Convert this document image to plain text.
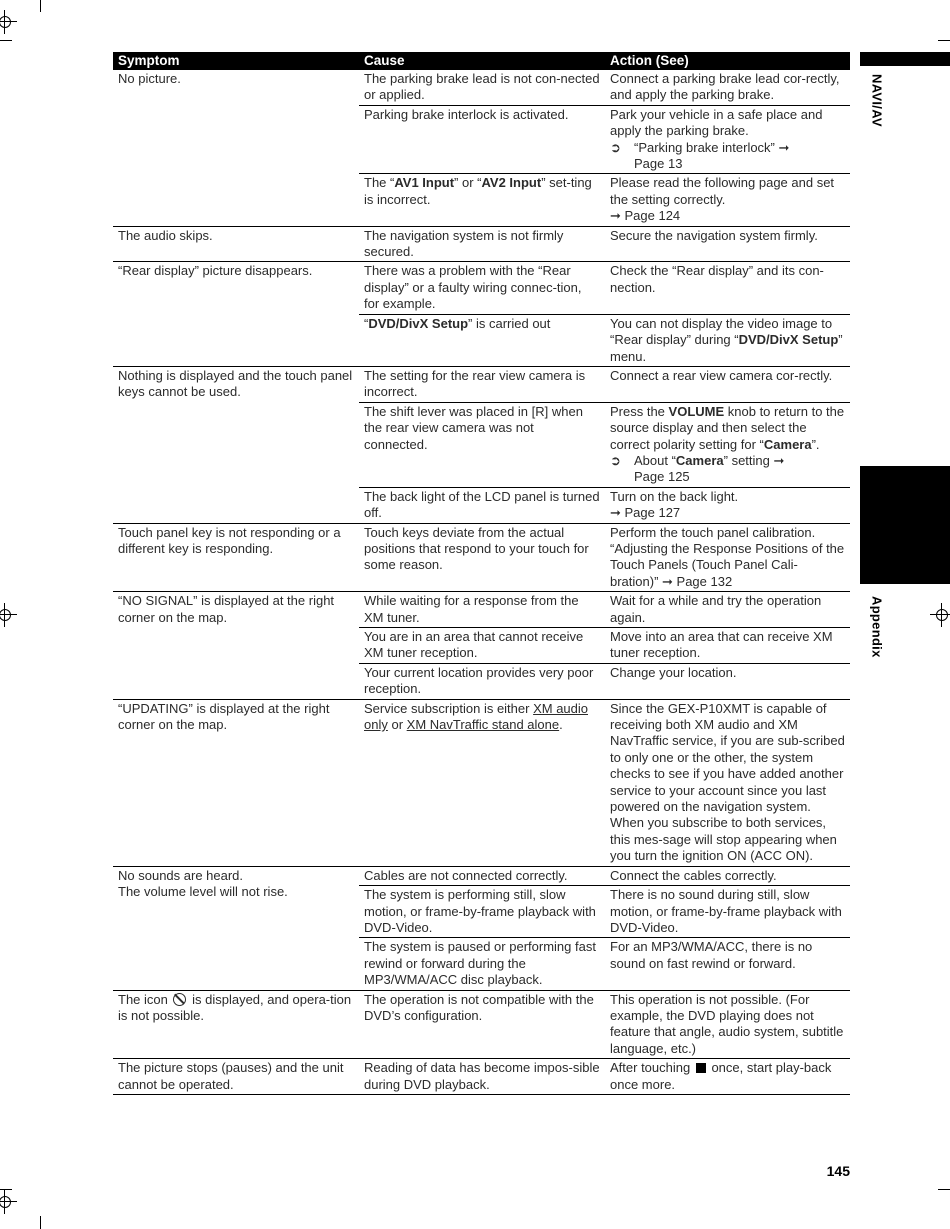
NAVI/AV
Appendix
Symptom	Cause	Action (See)
No picture.	The parking brake lead is not con-nected or applied.	Connect a parking brake lead cor-rectly, and apply the parking brake.
	Parking brake interlock is activated.	Park your vehicle in a safe place and apply the parking brake.
➲ “Parking brake interlock” ➞
Page 13

	The “AV1 Input” or “AV2 Input” set-ting is incorrect.	Please read the following page and set the setting correctly.
➞ Page 124

The audio skips.	The navigation system is not firmly secured.	Secure the navigation system firmly.
“Rear display” picture disappears.	There was a problem with the “Rear display” or a faulty wiring connec-tion, for example.	Check the “Rear display” and its con-nection.
	“DVD/DivX Setup” is carried out	You can not display the video image to “Rear display” during “DVD/DivX Setup” menu.
Nothing is displayed and the touch panel keys cannot be used.	The setting for the rear view camera is incorrect.	Connect a rear view camera cor-rectly.
	The shift lever was placed in [R] when the rear view camera was not connected.	Press the VOLUME knob to return to the source display and then select the correct polarity setting for “Camera”.
➲ About “Camera” setting ➞
Page 125

	The back light of the LCD panel is turned off.	Turn on the back light.
➞ Page 127

Touch panel key is not responding or a different key is responding.	Touch keys deviate from the actual positions that respond to your touch for some reason.	Perform the touch panel calibration. “Adjusting the Response Positions of the Touch Panels (Touch Panel Cali-bration)” ➞ Page 132
“NO SIGNAL” is displayed at the right corner on the map.	While waiting for a response from the XM tuner.	Wait for a while and try the operation again.
	You are in an area that cannot receive XM tuner reception.	Move into an area that can receive XM tuner reception.
	Your current location provides very poor reception.	Change your location.
“UPDATING” is displayed at the right corner on the map.	Service subscription is either XM audio only or XM NavTraffic stand alone.	Since the GEX-P10XMT is capable of receiving both XM audio and XM NavTraffic service, if you are sub-scribed to only one or the other, the system checks to see if you have added another service to your account since you last powered on the navigation system. When you subscribe to both services, this mes-sage will stop appearing when you turn the ignition ON (ACC ON).
No sounds are heard.
The volume level will not rise.	Cables are not connected correctly.	Connect the cables correctly.
	The system is performing still, slow motion, or frame-by-frame playback with DVD-Video.	There is no sound during still, slow motion, or frame-by-frame playback with DVD-Video.
	The system is paused or performing fast rewind or forward during the MP3/WMA/ACC disc playback.	For an MP3/WMA/ACC, there is no sound on fast rewind or forward.
The icon  is displayed, and opera-tion is not possible.	The operation is not compatible with the DVD’s configuration.	This operation is not possible. (For example, the DVD playing does not feature that angle, audio system, subtitle language, etc.)
The picture stops (pauses) and the unit cannot be operated.	Reading of data has become impos-sible during DVD playback.	After touching  once, start play-back once more.
145
